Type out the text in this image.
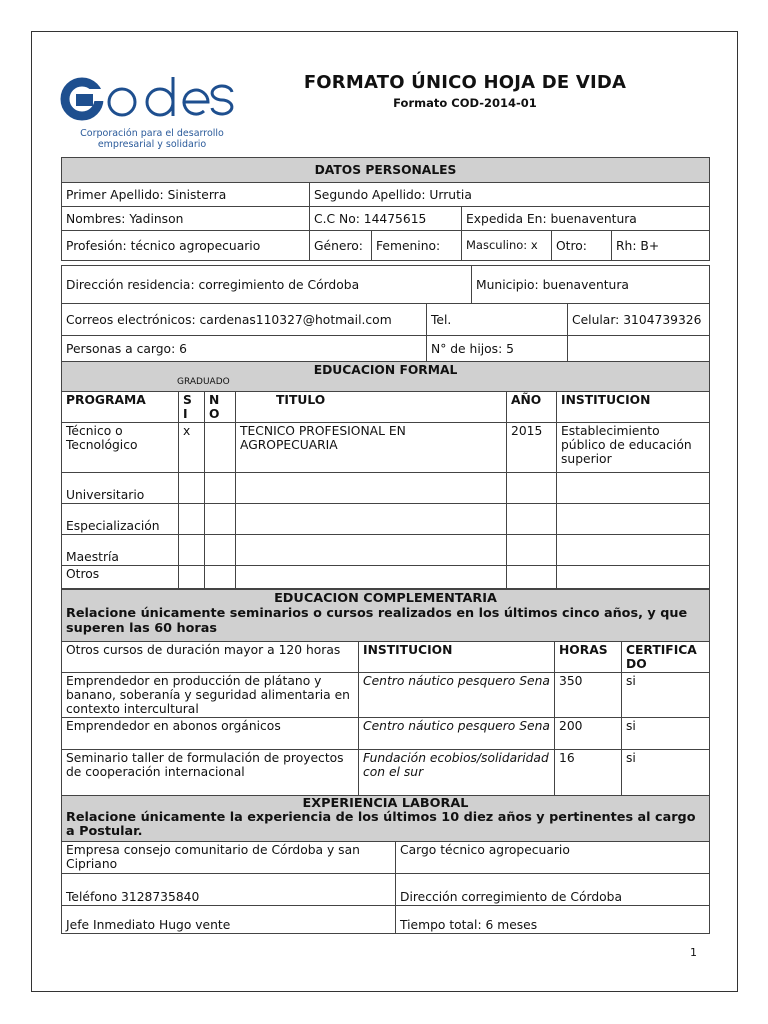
Corporación para el desarrollo
empresarial y solidario
FORMATO ÚNICO HOJA DE VIDA
Formato COD-2014-01
DATOS PERSONALES					
Primer Apellido: Sinisterra	Segundo Apellido: Urrutia				
Nombres: Yadinson	C.C No: 14475615		Expedida En: buenaventura		
Profesión: técnico agropecuario	Género:	Femenino:	Masculino: x	Otro:	Rh: B+
Dirección residencia: corregimiento de Córdoba		Municipio: buenaventura	
Correos electrónicos: cardenas110327@hotmail.com	Tel.		Celular: 3104739326
Personas a cargo: 6	N° de hijos: 5		
EDUCACION FORMAL					
PROGRAMA	S I	N O	TITULO	AÑO	INSTITUCION
Técnico o Tecnológico	x		TECNICO PROFESIONAL EN AGROPECUARIA	2015	Establecimiento público de educación superior
Universitario					
Especialización					
Maestría					
Otros					
GRADUADO
EDUCACION COMPLEMENTARIA
Relacione únicamente seminarios o cursos realizados en los últimos cinco años, y que superen las 60 horas			

Otros cursos de duración mayor a 120 horas	INSTITUCION	HORAS	CERTIFICA DO
Emprendedor en producción de plátano y banano, soberanía y seguridad alimentaria en contexto intercultural	Centro náutico pesquero Sena	350	si
Emprendedor en abonos orgánicos	Centro náutico pesquero Sena	200	si
Seminario taller de formulación de proyectos de cooperación internacional	Fundación ecobios/solidaridad con el sur	16	si
EXPERIENCIA LABORAL
Relacione únicamente la experiencia de los últimos 10 diez años y pertinentes al cargo a Postular.	

Empresa consejo comunitario de Córdoba y san Cipriano	Cargo técnico agropecuario
Teléfono 3128735840	Dirección corregimiento de Córdoba
Jefe Inmediato Hugo vente	Tiempo total: 6 meses
1
